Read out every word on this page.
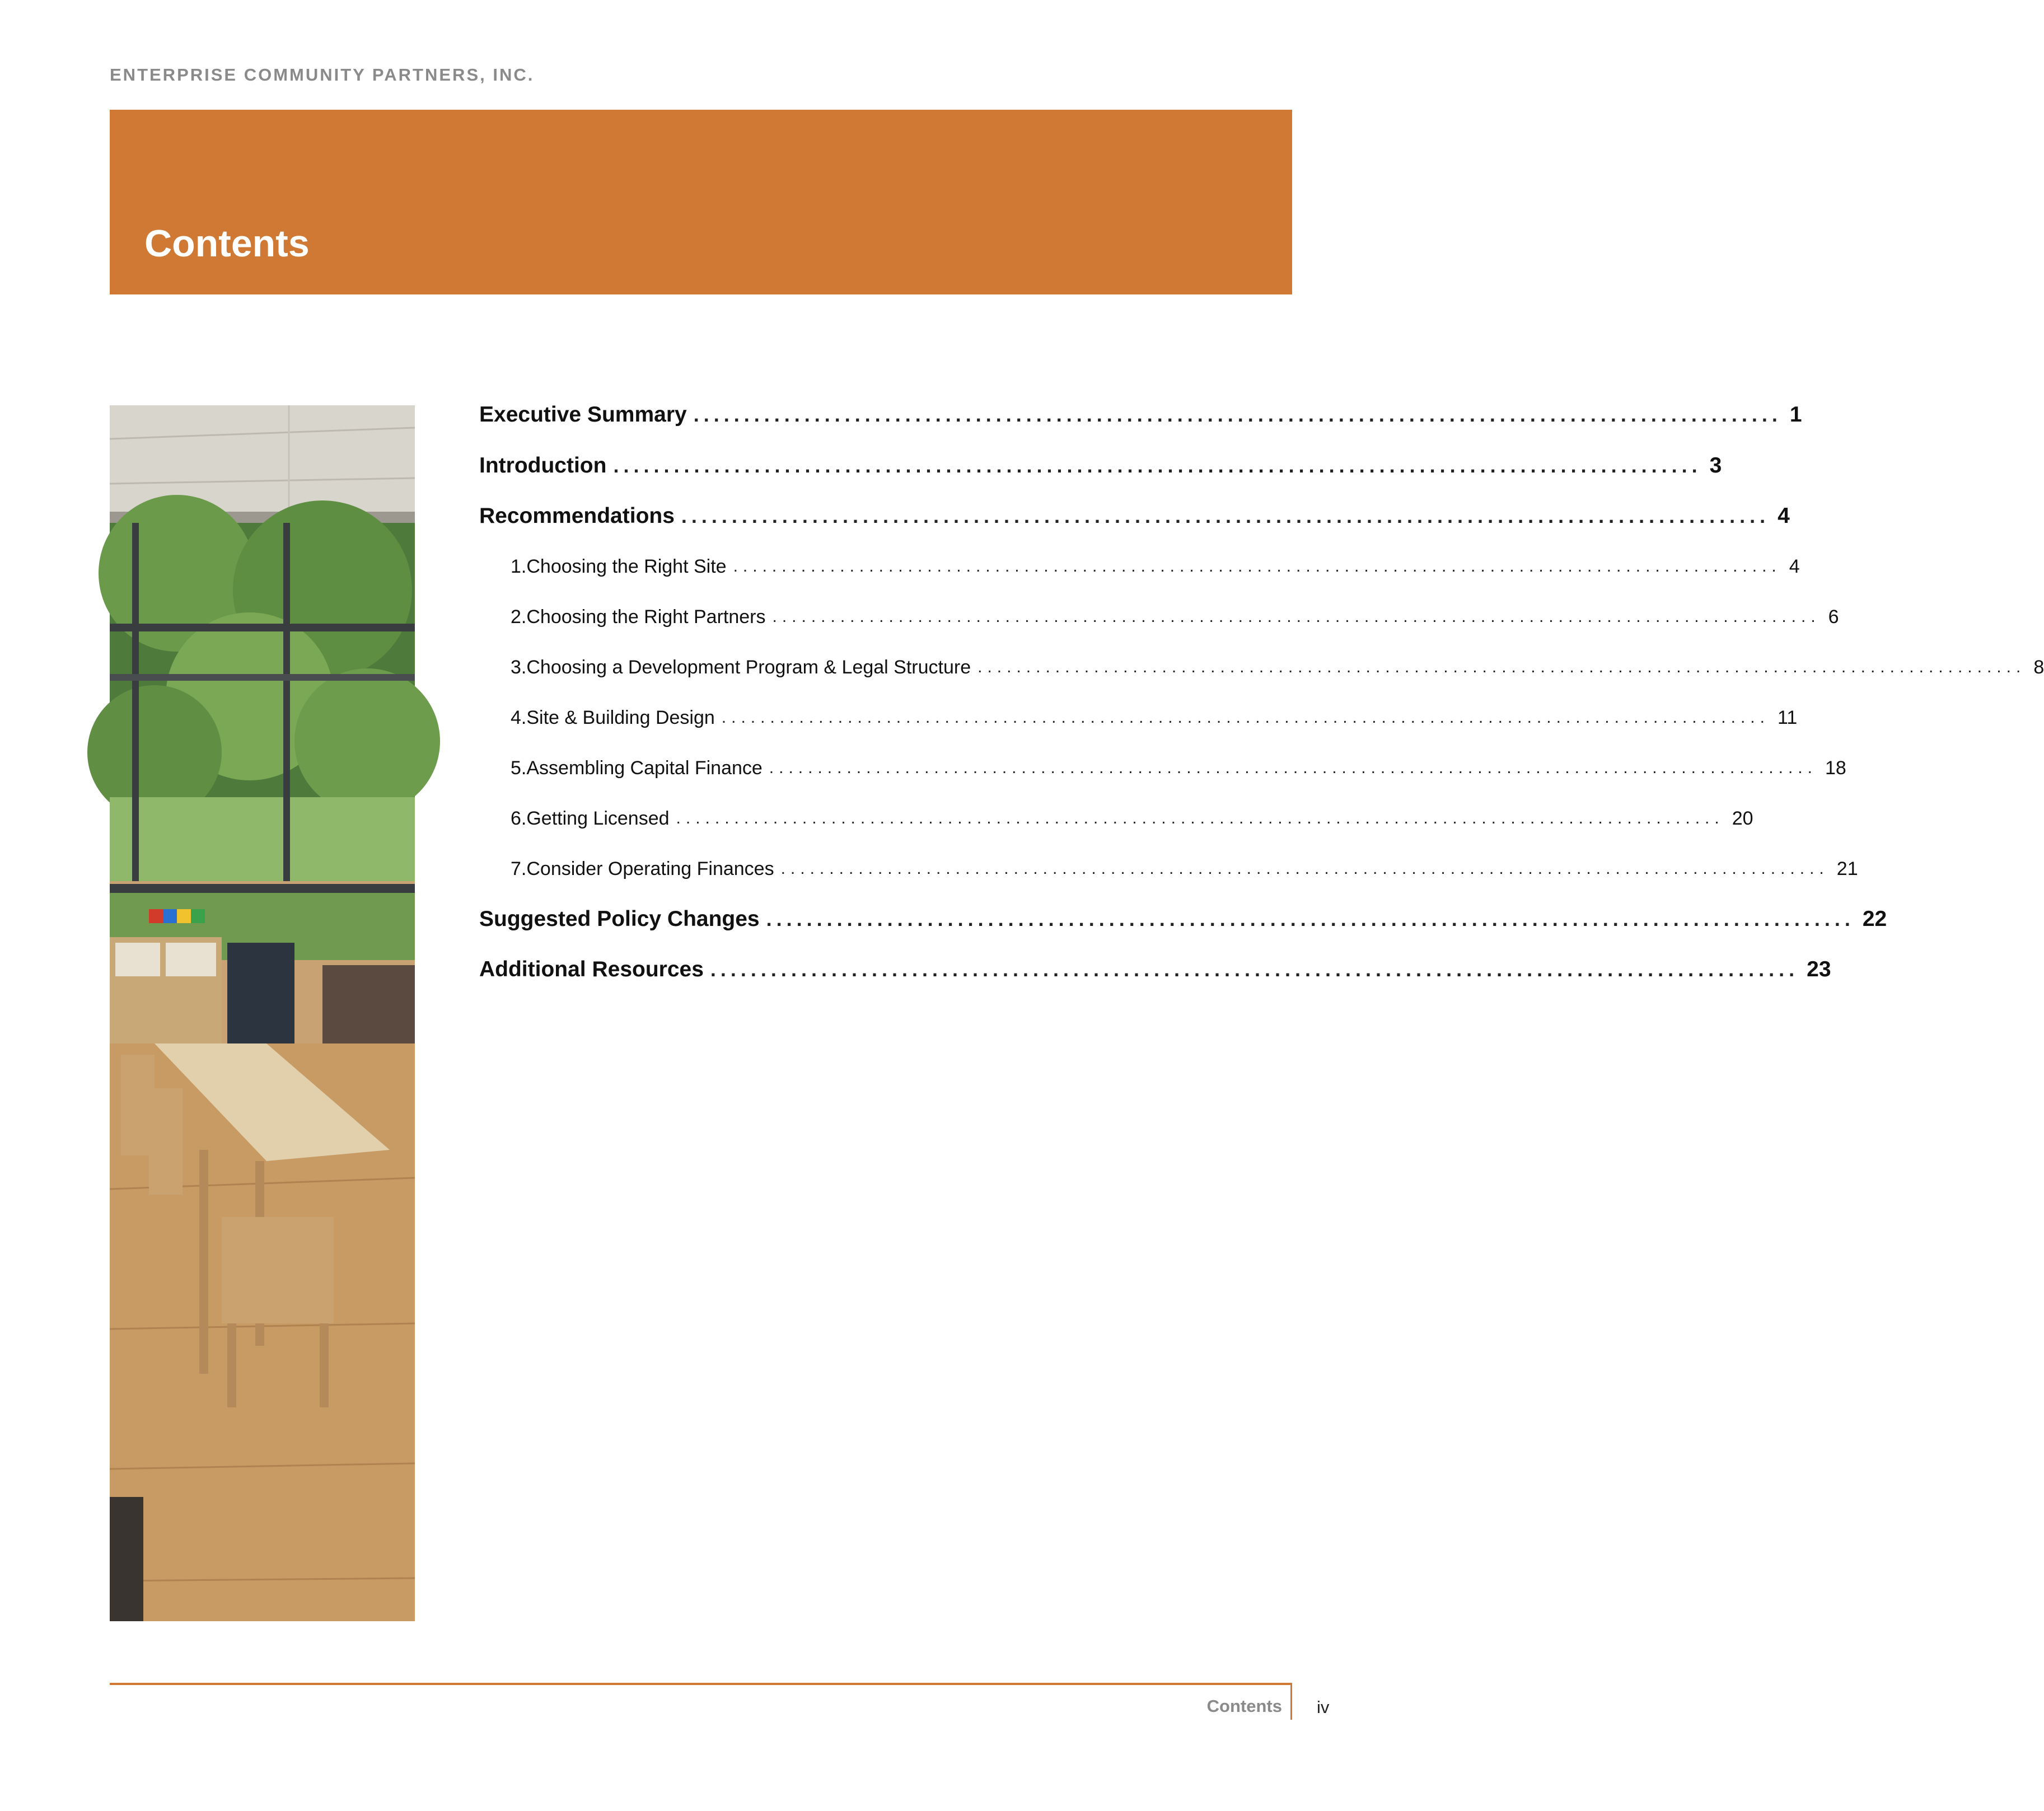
ENTERPRISE COMMUNITY PARTNERS, INC.
Contents
Executive Summary ............................................................................................................ 1
Introduction ............................................................................................................ 3
Recommendations ............................................................................................................ 4
1. Choosing the Right Site ............................................................................................................ 4
2. Choosing the Right Partners ............................................................................................................ 6
3. Choosing a Development Program & Legal Structure ............................................................................................................ 8
4. Site & Building Design ............................................................................................................ 11
5. Assembling Capital Finance ............................................................................................................ 18
6. Getting Licensed ............................................................................................................ 20
7. Consider Operating Finances ............................................................................................................ 21
Suggested Policy Changes ............................................................................................................ 22
Additional Resources ............................................................................................................ 23
Contents iv
